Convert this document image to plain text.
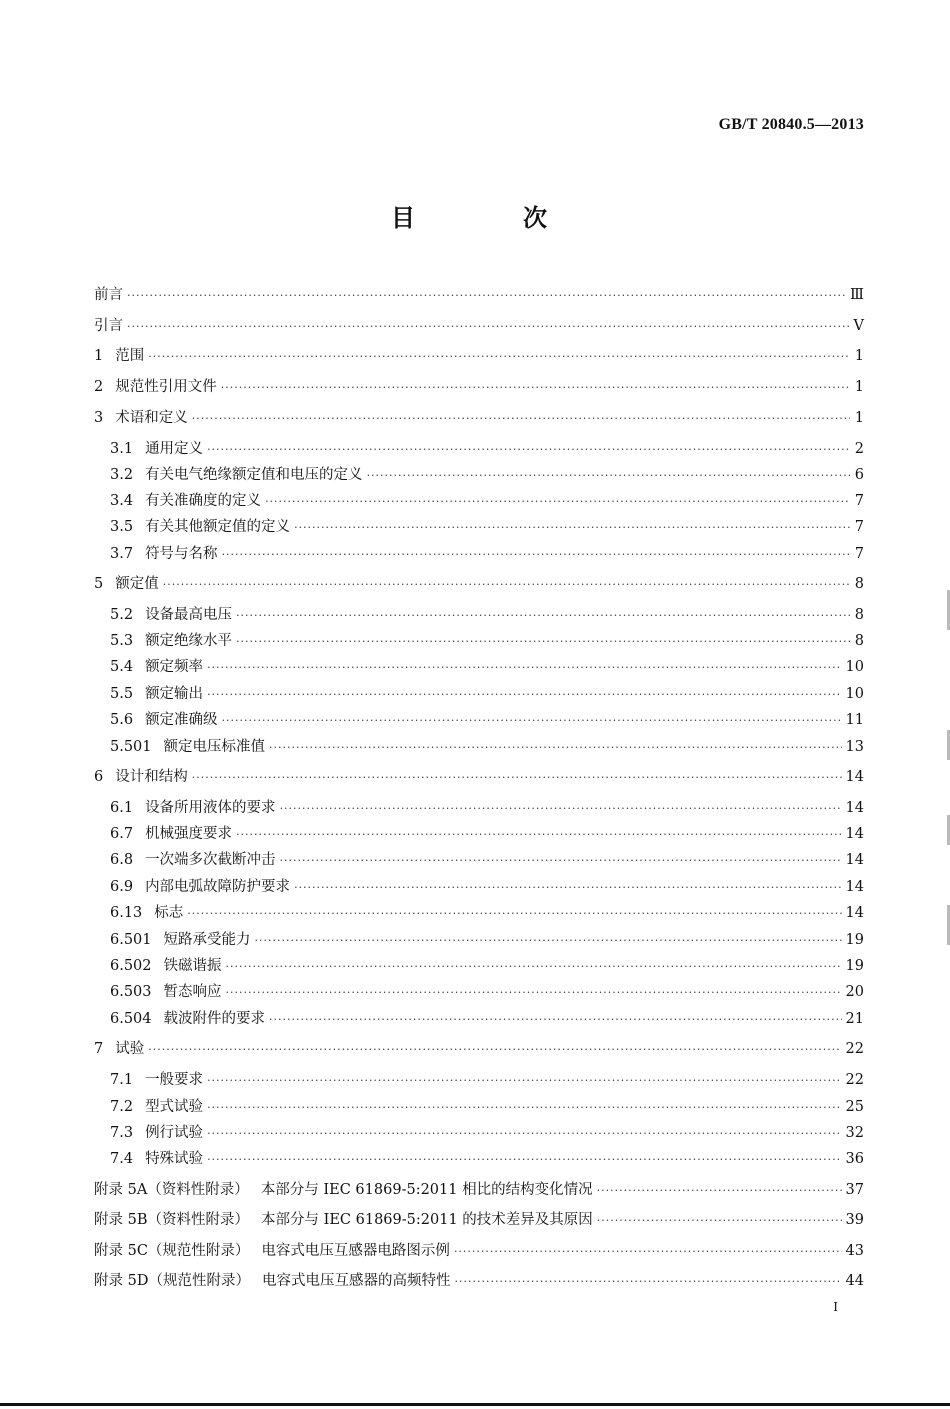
GB/T 20840.5—2013
目　次
前言 ·····	Ⅲ
引言 ·····	Ⅴ
1 范围 ·····	1
2 规范性引用文件 ·····	1
3 术语和定义 ·····	1
3.1 通用定义 ·····	2
3.2 有关电气绝缘额定值和电压的定义 ·····	6
3.4 有关准确度的定义 ·····	7
3.5 有关其他额定值的定义 ·····	7
3.7 符号与名称 ·····	7
5 额定值 ·····	8
5.2 设备最高电压 ·····	8
5.3 额定绝缘水平 ·····	8
5.4 额定频率 ·····	10
5.5 额定输出 ·····	10
5.6 额定准确级 ·····	11
5.501 额定电压标准值 ·····	13
6 设计和结构 ·····	14
6.1 设备所用液体的要求 ·····	14
6.7 机械强度要求 ·····	14
6.8 一次端多次截断冲击 ·····	14
6.9 内部电弧故障防护要求 ·····	14
6.13 标志 ·····	14
6.501 短路承受能力 ·····	19
6.502 铁磁谐振 ·····	19
6.503 暂态响应 ·····	20
6.504 载波附件的要求 ·····	21
7 试验 ·····	22
7.1 一般要求 ·····	22
7.2 型式试验 ·····	25
7.3 例行试验 ·····	32
7.4 特殊试验 ·····	36
附录 5A（资料性附录） 本部分与 IEC 61869-5:2011 相比的结构变化情况 ·····	37
附录 5B（资料性附录） 本部分与 IEC 61869-5:2011 的技术差异及其原因 ·····	39
附录 5C（规范性附录） 电容式电压互感器电路图示例 ·····	43
附录 5D（规范性附录） 电容式电压互感器的高频特性 ·····	44
I
